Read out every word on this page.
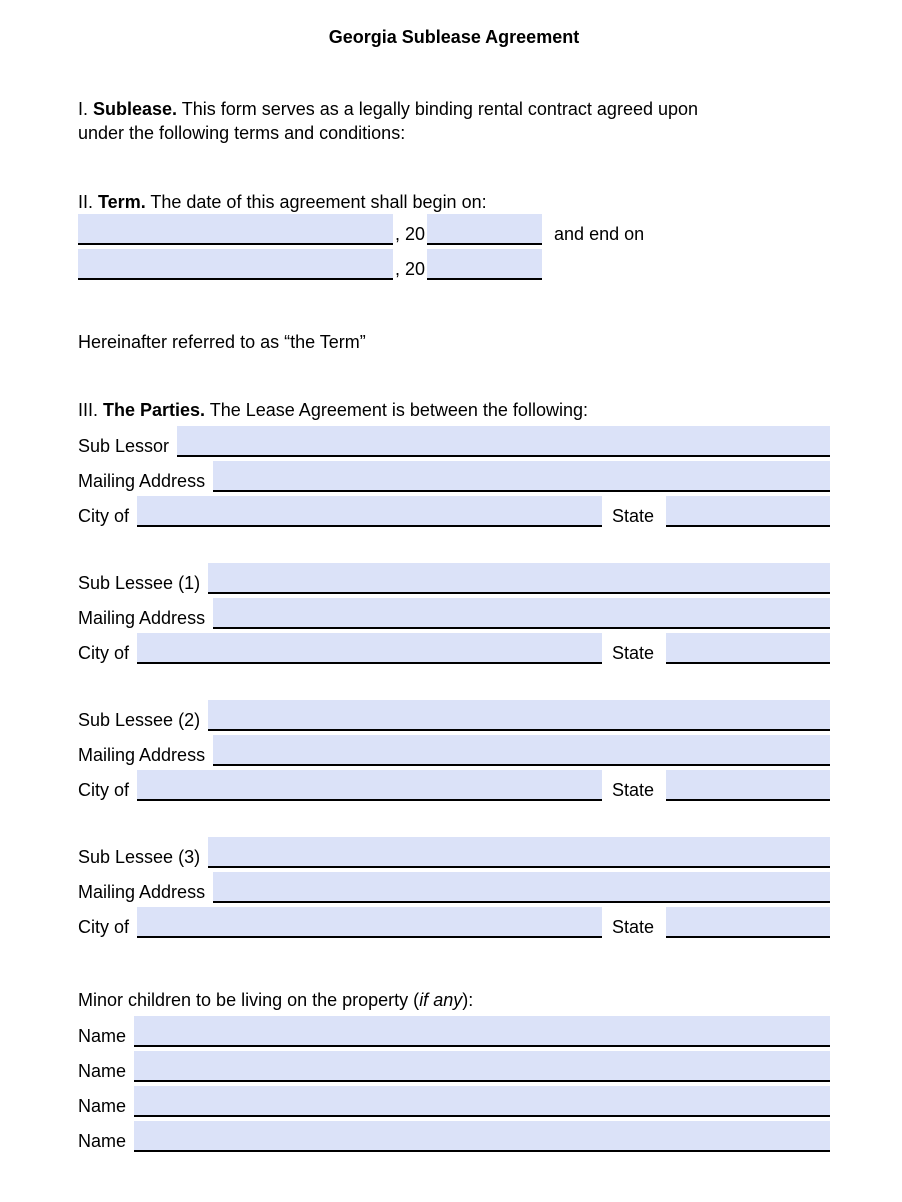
Georgia Sublease Agreement

I. Sublease. This form serves as a legally binding rental contract agreed upon
under the following terms and conditions:

II. Term. The date of this agreement shall begin on:

, 20	and end on
, 20

Hereinafter referred to as “the Term”

III. The Parties. The Lease Agreement is between the following:

Sub Lessor
Mailing Address
City of	State
Sub Lessee (1)
Mailing Address
City of	State
Sub Lessee (2)
Mailing Address
City of	State
Sub Lessee (3)
Mailing Address
City of	State

Minor children to be living on the property (if any):

Name
Name
Name
Name
